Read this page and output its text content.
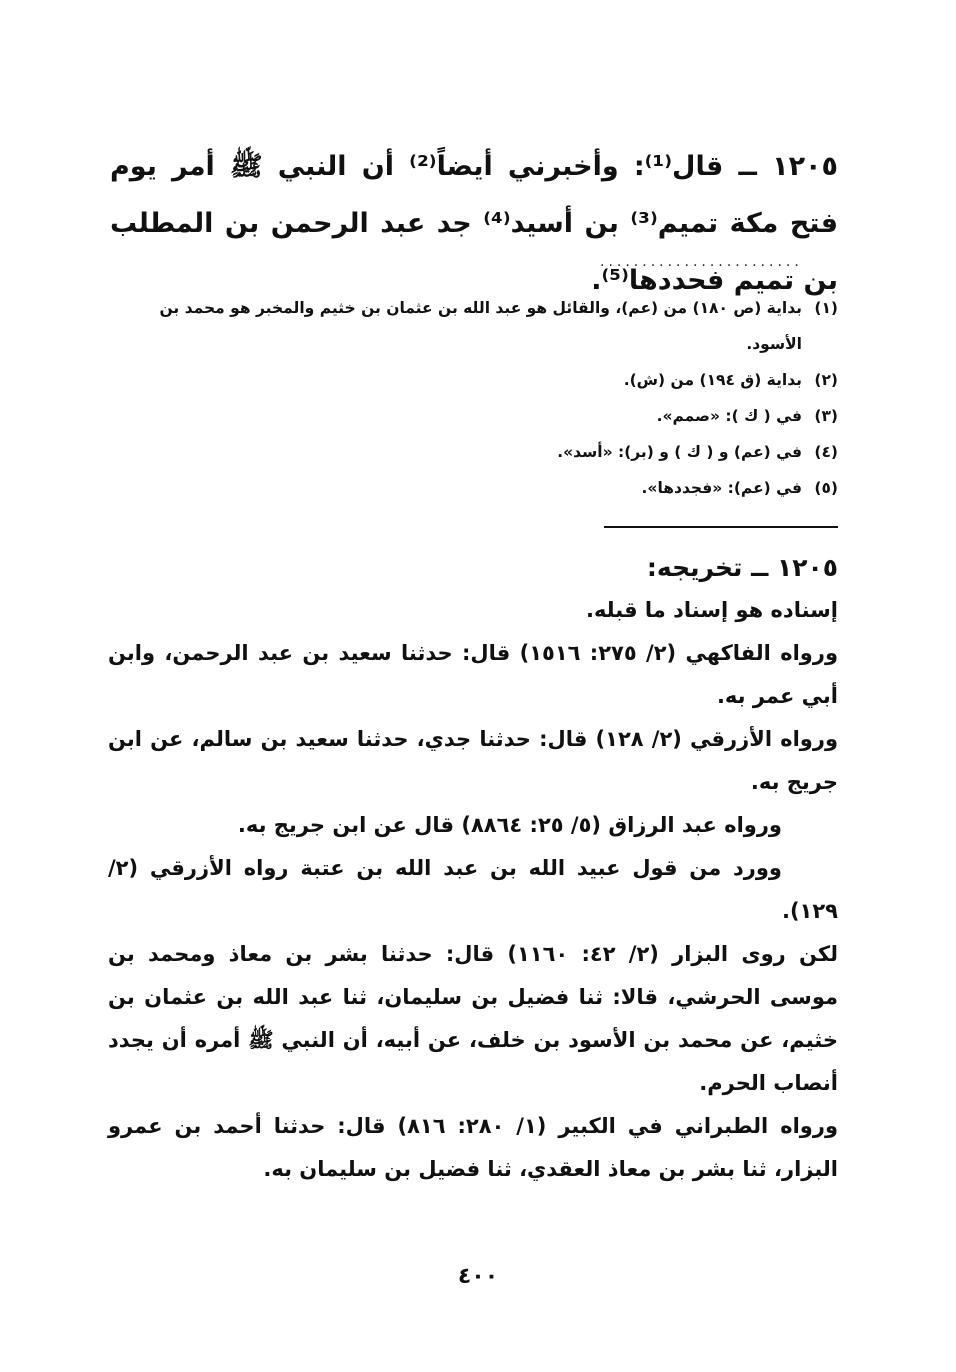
١٢٠٥ ــ قال⁽¹⁾: وأخبرني أيضاً⁽²⁾ أن النبي ﷺ أمر يوم فتح مكة تميم⁽³⁾ بن أسيد⁽⁴⁾ جد عبد الرحمن بن المطلب بن تميم فحددها⁽⁵⁾.
........................
(١)
بداية (ص ١٨٠) من (عم)، والقائل هو عبد الله بن عثمان بن خثيم والمخبر هو محمد بن الأسود.
(٢)
بداية (ق ١٩٤) من (ش).
(٣)
في ( ك ): «صمم».
(٤)
في (عم) و ( ك ) و (بر): «أسد».
(٥)
في (عم): «فجددها».
١٢٠٥ ــ تخريجه:

إسناده هو إسناد ما قبله.

ورواه الفاكهي (٢/ ٢٧٥: ١٥١٦) قال: حدثنا سعيد بن عبد الرحمن، وابن أبي عمر به.

ورواه الأزرقي (٢/ ١٢٨) قال: حدثنا جدي، حدثنا سعيد بن سالم، عن ابن جريج به.

ورواه عبد الرزاق (٥/ ٢٥: ٨٨٦٤) قال عن ابن جريج به.

وورد من قول عبيد الله بن عبد الله بن عتبة رواه الأزرقي (٢/ ١٢٩).

لكن روى البزار (٢/ ٤٢: ١١٦٠) قال: حدثنا بشر بن معاذ ومحمد بن موسى الحرشي، قالا: ثنا فضيل بن سليمان، ثنا عبد الله بن عثمان بن خثيم، عن محمد بن الأسود بن خلف، عن أبيه، أن النبي ﷺ أمره أن يجدد أنصاب الحرم.

ورواه الطبراني في الكبير (١/ ٢٨٠: ٨١٦) قال: حدثنا أحمد بن عمرو البزار، ثنا بشر بن معاذ العقدي، ثنا فضيل بن سليمان به.

٤٠٠
